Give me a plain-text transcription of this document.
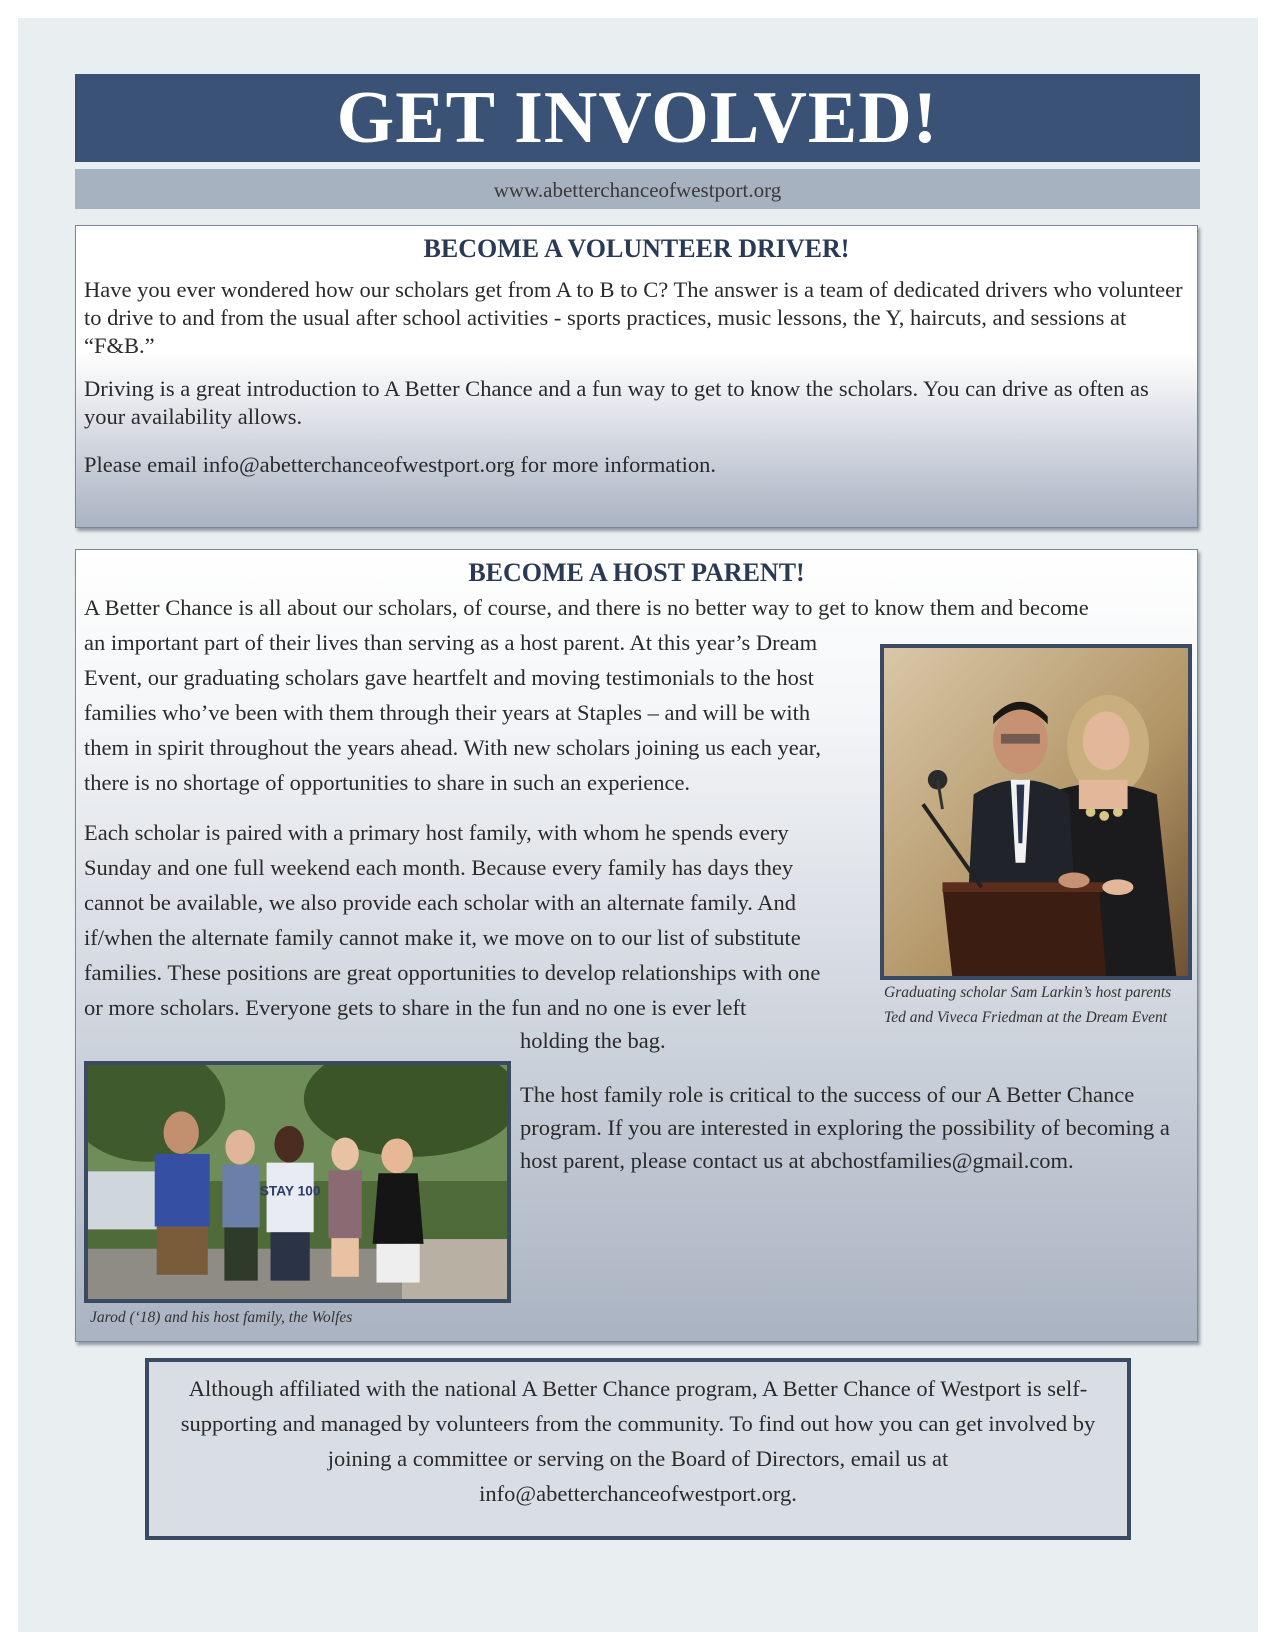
GET INVOLVED!
www.abetterchanceofwestport.org
BECOME A VOLUNTEER DRIVER!

Have you ever wondered how our scholars get from A to B to C? The answer is a team of dedicated drivers who volunteer to drive to and from the usual after school activities - sports practices, music lessons, the Y, haircuts, and sessions at “F&B.”

Driving is a great introduction to A Better Chance and a fun way to get to know the scholars. You can drive as often as your availability allows.

Please email info@abetterchanceofwestport.org for more information.

BECOME A HOST PARENT!

A Better Chance is all about our scholars, of course, and there is no better way to get to know them and become

an important part of their lives than serving as a host parent. At this year’s Dream Event, our graduating scholars gave heartfelt and moving testimonials to the host families who’ve been with them through their years at Staples – and will be with them in spirit throughout the years ahead. With new scholars joining us each year, there is no shortage of opportunities to share in such an experience.

Each scholar is paired with a primary host family, with whom he spends every Sunday and one full weekend each month. Because every family has days they cannot be available, we also provide each scholar with an alternate family. And if/when the alternate family cannot make it, we move on to our list of substitute families. These positions are great opportunities to develop relationships with one or more scholars. Everyone gets to share in the fun and no one is ever left

holding the bag.

The host family role is critical to the success of our A Better Chance program. If you are interested in exploring the possibility of becoming a host parent, please contact us at abchostfamilies@gmail.com.

Graduating scholar Sam Larkin’s host parents
Ted and Viveca Friedman at the Dream Event
STAY 100
Jarod (‘18) and his host family, the Wolfes
Although affiliated with the national A Better Chance program, A Better Chance of Westport is self-supporting and managed by volunteers from the community. To find out how you can get involved by joining a committee or serving on the Board of Directors, email us at info@abetterchanceofwestport.org.
